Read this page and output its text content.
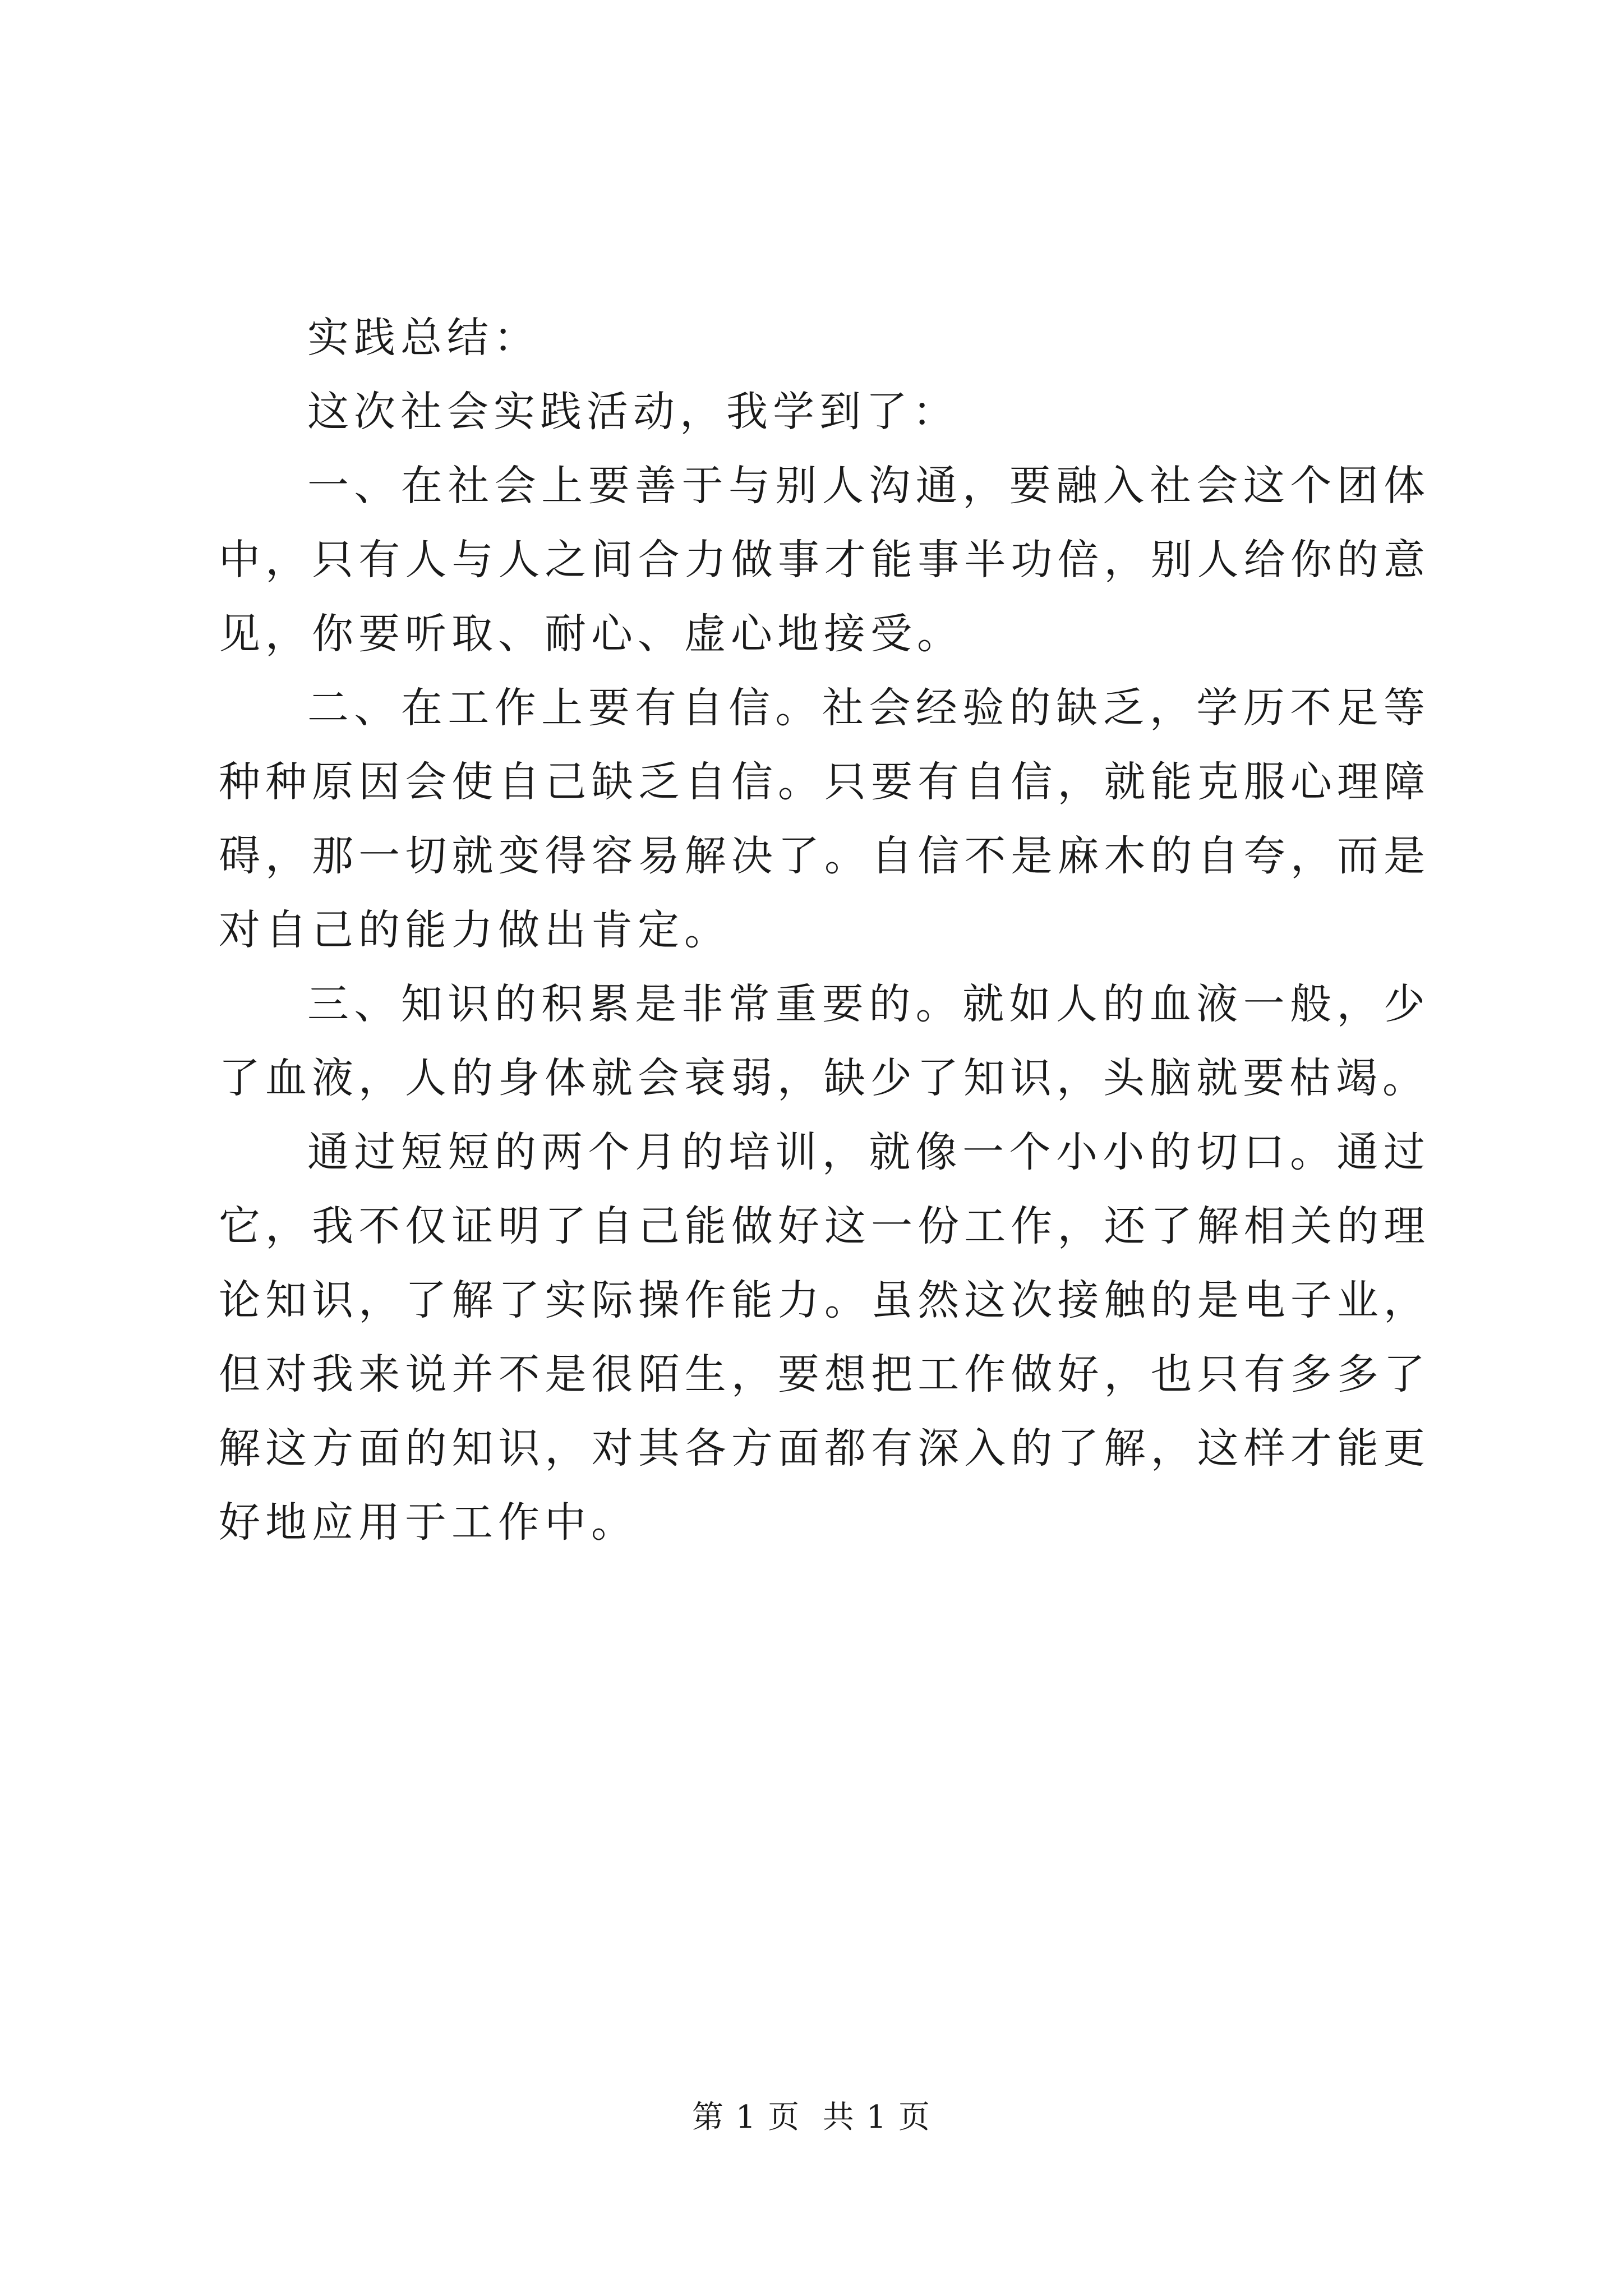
实践总结：

这次社会实践活动，我学到了：

一、在社会上要善于与别人沟通，要融入社会这个团体中，只有人与人之间合力做事才能事半功倍，别人给你的意见，你要听取、耐心、虚心地接受。

二、在工作上要有自信。社会经验的缺乏，学历不足等种种原因会使自己缺乏自信。只要有自信，就能克服心理障碍，那一切就变得容易解决了。自信不是麻木的自夸，而是对自己的能力做出肯定。

三、知识的积累是非常重要的。就如人的血液一般，少了血液，人的身体就会衰弱，缺少了知识，头脑就要枯竭。

通过短短的两个月的培训，就像一个小小的切口。通过它，我不仅证明了自己能做好这一份工作，还了解相关的理论知识，了解了实际操作能力。虽然这次接触的是电子业，但对我来说并不是很陌生，要想把工作做好，也只有多多了解这方面的知识，对其各方面都有深入的了解，这样才能更好地应用于工作中。

第 1 页  共 1 页
